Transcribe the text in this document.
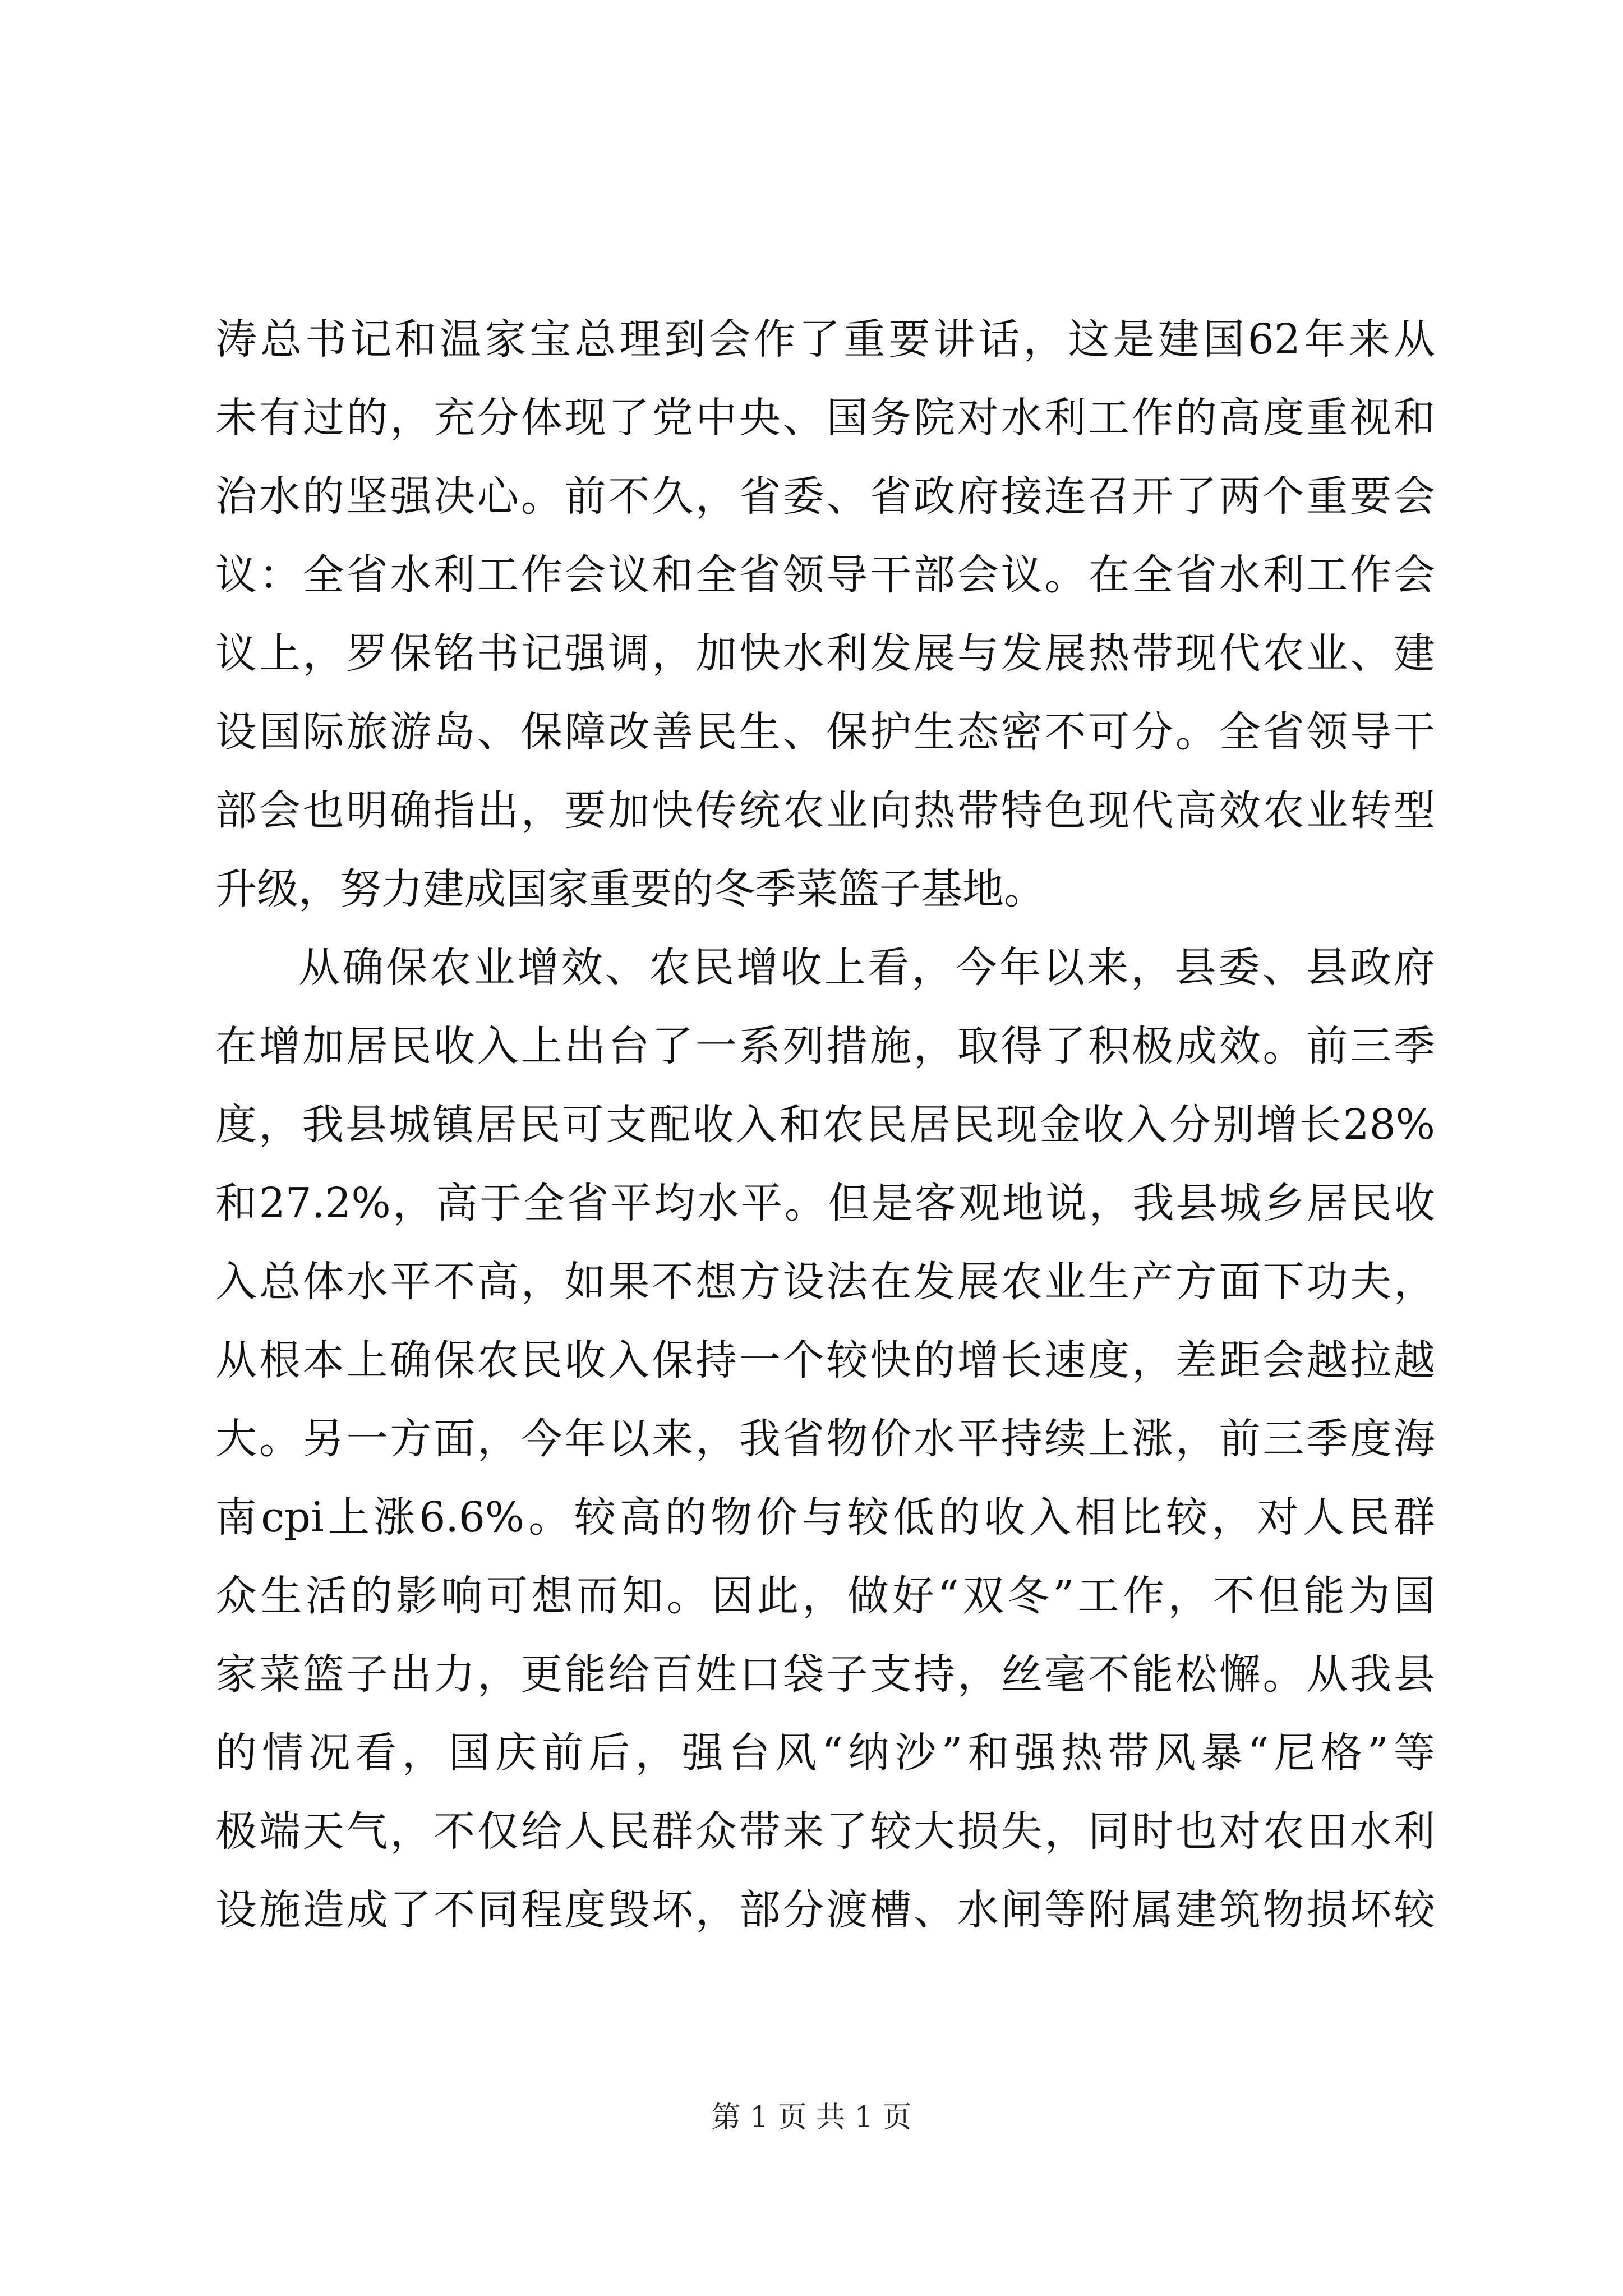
涛总书记和温家宝总理到会作了重要讲话，这是建国62年来从
未有过的，充分体现了党中央、国务院对水利工作的高度重视和
治水的坚强决心。前不久，省委、省政府接连召开了两个重要会
议：全省水利工作会议和全省领导干部会议。在全省水利工作会
议上，罗保铭书记强调，加快水利发展与发展热带现代农业、建
设国际旅游岛、保障改善民生、保护生态密不可分。全省领导干
部会也明确指出，要加快传统农业向热带特色现代高效农业转型
升级，努力建成国家重要的冬季菜篮子基地。
从确保农业增效、农民增收上看，今年以来，县委、县政府
在增加居民收入上出台了一系列措施，取得了积极成效。前三季
度，我县城镇居民可支配收入和农民居民现金收入分别增长28%
和27.2%，高于全省平均水平。但是客观地说，我县城乡居民收
入总体水平不高，如果不想方设法在发展农业生产方面下功夫，
从根本上确保农民收入保持一个较快的增长速度，差距会越拉越
大。另一方面，今年以来，我省物价水平持续上涨，前三季度海
南cpi上涨6.6%。较高的物价与较低的收入相比较，对人民群
众生活的影响可想而知。因此，做好“双冬”工作，不但能为国
家菜篮子出力，更能给百姓口袋子支持，丝毫不能松懈。从我县
的情况看，国庆前后，强台风“纳沙”和强热带风暴“尼格”等
极端天气，不仅给人民群众带来了较大损失，同时也对农田水利
设施造成了不同程度毁坏，部分渡槽、水闸等附属建筑物损坏较
第 1 页 共 1 页
